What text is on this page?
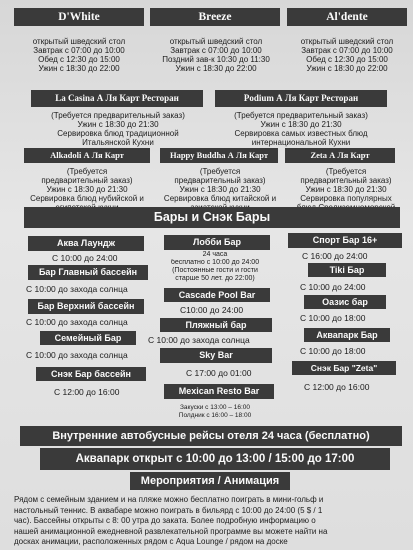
D'White
открытый шведский стол
Завтрак с 07:00 до 10:00
Обед с 12:30 до 15:00
Ужин с 18:30 до 22:00
Breeze
открытый шведский стол
Завтрак с 07:00 до 10:00
Поздний зав-к 10:30 до 11:30
Ужин с 18:30 до 22:00
Al'dente
открытый шведский стол
Завтрак с 07:00 до 10:00
Обед с 12:30 до 15:00
Ужин с 18:30 до 22:00
La Casina А Ля Карт Ресторан
(Требуется предварительный заказ)
Ужин с 18:30 до 21:30
Сервировка блюд традиционной
Итальянской Кухни
Podium А Ля Карт Ресторан
(Требуется предварительный заказ)
Ужин с 18:30 до 21:30
Сервировка самых известных блюд
интернациональной Кухни
Alkadoli А Ля Карт
(Требуется
предварительный заказ)
Ужин с 18:30 до 21:30
Сервировка блюд нубийской и
Happy Buddha А Ля Карт
(Требуется
предварительный заказ)
Ужин с 18:30 до 21:30
Сервировка блюд китайской и
Zeta А Ля Карт
(Требуется
предварительный заказ)
Ужин с 18:30 до 21:30
Сервировка популярных
Бары и Снэк Бары
Аква Лаундж
С 10:00 до 24:00
Бар Главный бассейн
С 10:00 до захода солнца
Бар Верхний бассейн
С 10:00 до захода солнца
Семейный Бар
С 10:00 до захода солнца
Снэк Бар бассейн
С 12:00 до 16:00
Лобби Бар
24 часа
бесплатно с 10:00 до 24:00
(Постоянные гости и гости
старше 50 лет. до 22:00)
Cascade Pool Bar
С10:00 до 24:00
Пляжный бар
С 10:00 до захода солнца
Sky Bar
С 17:00 до 01:00
Mexican Resto Bar
Закуски с 13:00 – 16:00
Полдник с 16:00 – 18:00
Спорт Бар 16+
С 16:00 до 24:00
Tiki Бар
С 10:00 до 24:00
Оазис бар
С 10:00 до 18:00
Аквапарк Бар
С 10:00 до 18:00
Снэк Бар "Zeta"
С 12:00 до 16:00
Внутренние автобусные рейсы отеля 24 часа (бесплатно)
Аквапарк открыт с 10:00 до 13:00 / 15:00 до 17:00
Мероприятия / Анимация
Рядом с семейным зданием и на пляже можно бесплатно поиграть в мини-гольф и
настольный теннис. В аквабаре можно поиграть в бильярд с 10:00 до 24:00 (5 $ / 1
час). Бассейны открыты с 8: 00 утра до заката. Более подробную информацию о
нашей анимационной ежедневной развлекательной программе вы можете найти на
досках анимации, расположенных рядом с Aqua Lounge / рядом на доске
